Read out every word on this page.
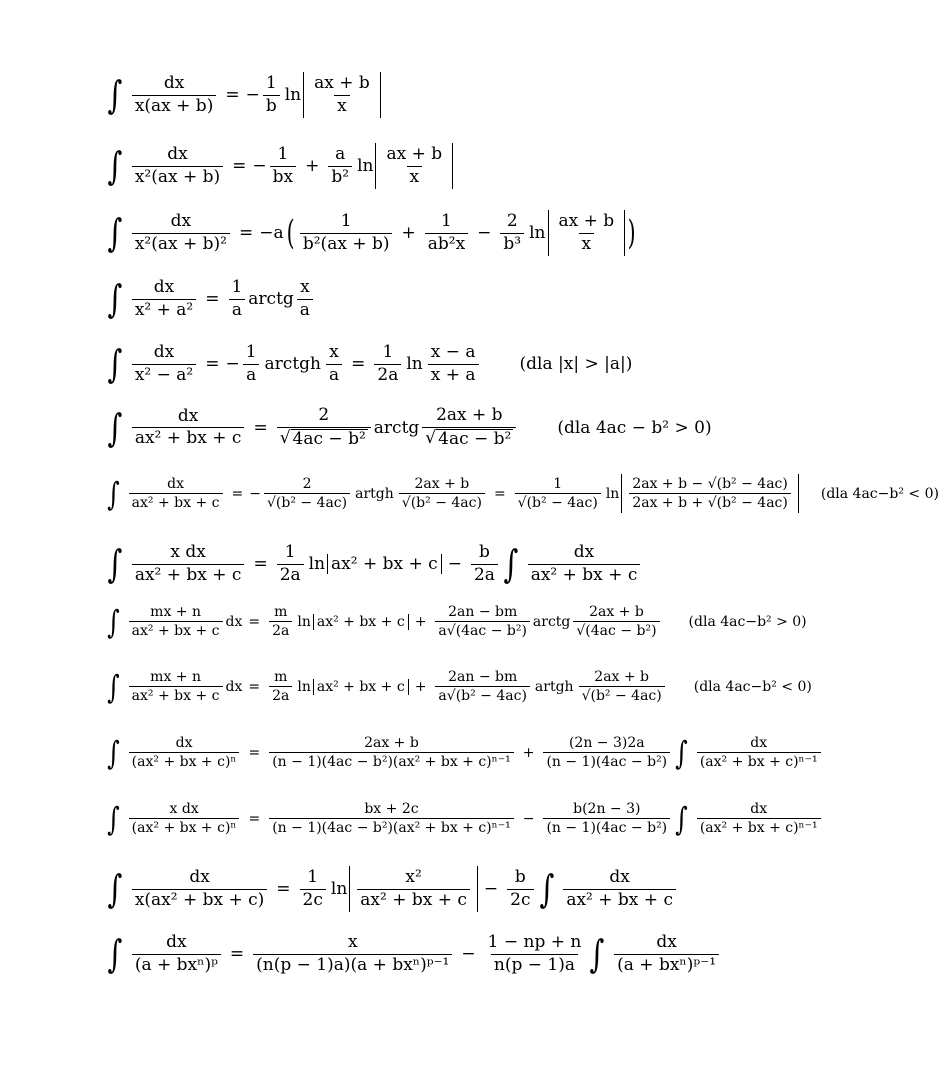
∫ $\frac{dx}{x(ax + b)}$ = − $\frac{1}{b}$ $\ln \frac{ax + b}{x}$
∫ $\frac{dx}{\text{x²(ax + b)}}$ = − $\frac{1}{bx} + \frac{a}{\text{b²}}$ $\ln \frac{ax + b}{x}$
∫ $\frac{dx}{\text{x²(ax + b)²}} = -a$ ( $\frac{1}{\text{b²(ax + b)}} + \frac{1}{\text{ab²x}} - \frac{2}{\text{b³}}$ $\ln \frac{ax + b}{x}$ )
∫ $\frac{dx}{\text{x² + a²}} = \frac{1}{a}$ arctg $\frac{x}{a}$
∫ $\frac{dx}{\text{x² − a²}}$ = − $\frac{1}{a}$ arctgh $\frac{x}{a} = \frac{1}{2a}$ $\ln \frac{x - a}{x + a} (dla$ |x| > |a|)
∫ $\frac{dx}{\text{ax² + bx + c}} = \frac{2}{\text{√ 4ac − b²}}$ arctg $\frac{2ax + b}{\text{√ 4ac − b²}} (dla$ 4ac − b² > 0)
∫ $\frac{dx}{\text{ax² + bx + c}}$ = − $\frac{2}{\text{√(b² − 4ac)}}$ artgh $\frac{2ax + b}{\text{√(b² − 4ac)}} = \frac{1}{\text{√(b² − 4ac)}}$ $\ln \frac{\text{2ax + b − √(b² − 4ac)}}{\text{2ax + b + √(b² − 4ac)}} (dla$ 4ac−b² < 0)
∫ $\frac{\text{x dx}}{\text{ax² + bx + c}} = \frac{1}{2a}$ ln ax² + bx + $c - \frac{b}{2a}$ ∫ $\frac{dx}{\text{ax² + bx + c}}$
∫ $\frac{mx + n}{\text{ax² + bx + c}}$ dx = $\frac{m}{2a}$ ln ax² + bx + $c + \frac{2an - bm}{\text{a√(4ac − b²)}}$ arctg $\frac{2ax + b}{\text{√(4ac − b²)}} (dla$ 4ac−b² > 0)
∫ $\frac{mx + n}{\text{ax² + bx + c}}$ dx = $\frac{m}{2a}$ ln ax² + bx + $c + \frac{2an - bm}{\text{a√(b² − 4ac)}}$ artgh $\frac{2ax + b}{\text{√(b² − 4ac)}} (dla$ 4ac−b² < 0)
∫ $\frac{dx}{\text{(ax² + bx + c)ⁿ}} = \frac{2ax + b}{\text{(n − 1)(4ac − b²)(ax² + bx + c)ⁿ⁻¹}} + \frac{(2n - 3)2a}{\text{(n − 1)(4ac − b²)}}$ ∫ $\frac{dx}{\text{(ax² + bx + c)ⁿ⁻¹}}$
∫ $\frac{\text{x dx}}{\text{(ax² + bx + c)ⁿ}} = \frac{bx + 2c}{\text{(n − 1)(4ac − b²)(ax² + bx + c)ⁿ⁻¹}} - \frac{b(2n - 3)}{\text{(n − 1)(4ac − b²)}}$ ∫ $\frac{dx}{\text{(ax² + bx + c)ⁿ⁻¹}}$
∫ $\frac{dx}{\text{x(ax² + bx + c)}} = \frac{1}{2c}$ $\ln \frac{\text{x²}}{\text{ax² + bx + c}} - \frac{b}{2c}$ ∫ $\frac{dx}{\text{ax² + bx + c}}$
∫ $\frac{dx}{\text{(a + bxⁿ)ᵖ}} = \frac{x}{\text{(n(p − 1)a)(a + bxⁿ)ᵖ⁻¹}} - \frac{1 - np + n}{n(p - 1)a}$ ∫ $\frac{dx}{\text{(a + bxⁿ)ᵖ⁻¹}}$
